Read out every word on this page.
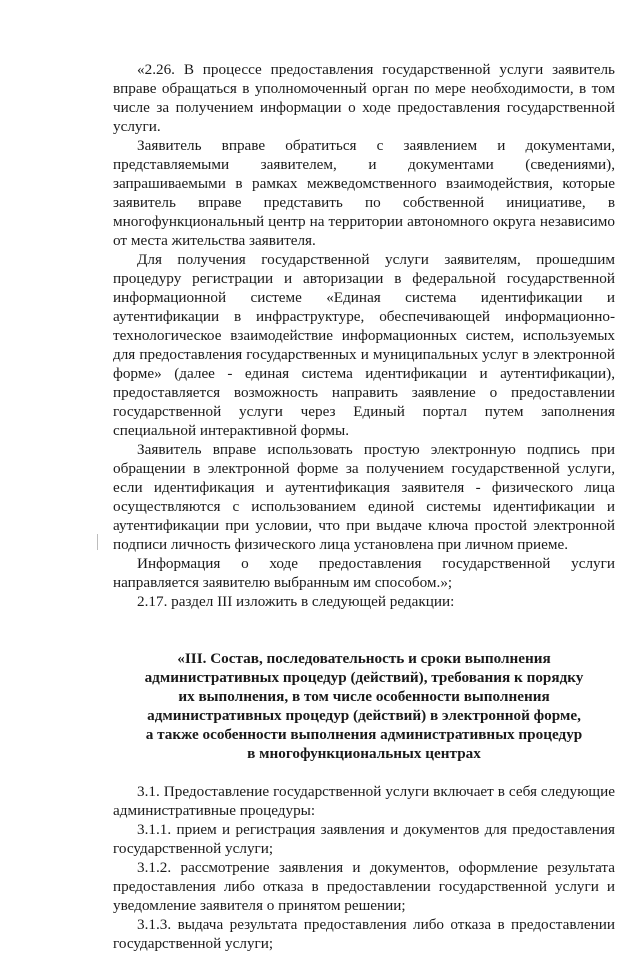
«2.26. В процессе предоставления государственной услуги заявитель вправе обращаться в уполномоченный орган по мере необходимости, в том числе за получением информации о ходе предоставления государственной услуги.

Заявитель вправе обратиться с заявлением и документами, представляемыми заявителем, и документами (сведениями), запрашиваемыми в рамках межведомственного взаимодействия, которые заявитель вправе представить по собственной инициативе, в многофункциональный центр на территории автономного округа независимо от места жительства заявителя.

Для получения государственной услуги заявителям, прошедшим процедуру регистрации и авторизации в федеральной государственной информационной системе «Единая система идентификации и аутентификации в инфраструктуре, обеспечивающей информационно-технологическое взаимодействие информационных систем, используемых для предоставления государственных и муниципальных услуг в электронной форме» (далее - единая система идентификации и аутентификации), предоставляется возможность направить заявление о предоставлении государственной услуги через Единый портал путем заполнения специальной интерактивной формы.

Заявитель вправе использовать простую электронную подпись при обращении в электронной форме за получением государственной услуги, если идентификация и аутентификация заявителя - физического лица осуществляются с использованием единой системы идентификации и аутентификации при условии, что при выдаче ключа простой электронной подписи личность физического лица установлена при личном приеме.

Информация о ходе предоставления государственной услуги направляется заявителю выбранным им способом.»;

2.17. раздел III изложить в следующей редакции:

«III. Состав, последовательность и сроки выполнения
административных процедур (действий), требования к порядку
их выполнения, в том числе особенности выполнения
административных процедур (действий) в электронной форме,
а также особенности выполнения административных процедур
в многофункциональных центрах

3.1. Предоставление государственной услуги включает в себя следующие административные процедуры:

3.1.1. прием и регистрация заявления и документов для предоставления государственной услуги;

3.1.2. рассмотрение заявления и документов, оформление результата предоставления либо отказа в предоставлении государственной услуги и уведомление заявителя о принятом решении;

3.1.3. выдача результата предоставления либо отказа в предоставлении государственной услуги;
